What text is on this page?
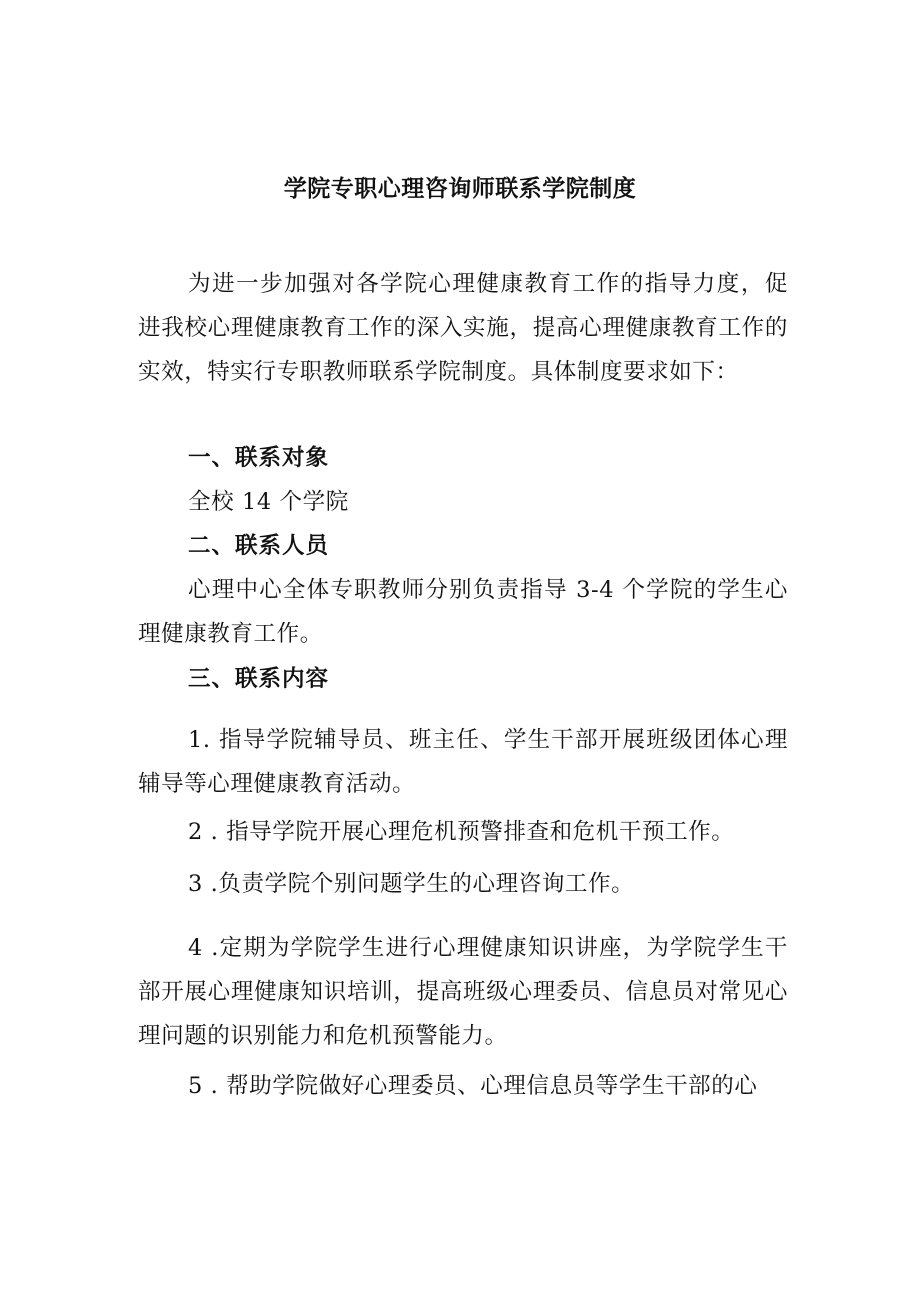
学院专职心理咨询师联系学院制度

为进一步加强对各学院心理健康教育工作的指导力度，促进我校心理健康教育工作的深入实施，提高心理健康教育工作的实效，特实行专职教师联系学院制度。具体制度要求如下：

一、联系对象

全校 14 个学院

二、联系人员

心理中心全体专职教师分别负责指导 3-4 个学院的学生心理健康教育工作。

三、联系内容

1. 指导学院辅导员、班主任、学生干部开展班级团体心理辅导等心理健康教育活动。

2 . 指导学院开展心理危机预警排查和危机干预工作。

3 .负责学院个别问题学生的心理咨询工作。

4 .定期为学院学生进行心理健康知识讲座，为学院学生干部开展心理健康知识培训，提高班级心理委员、信息员对常见心理问题的识别能力和危机预警能力。

5 . 帮助学院做好心理委员、心理信息员等学生干部的心
